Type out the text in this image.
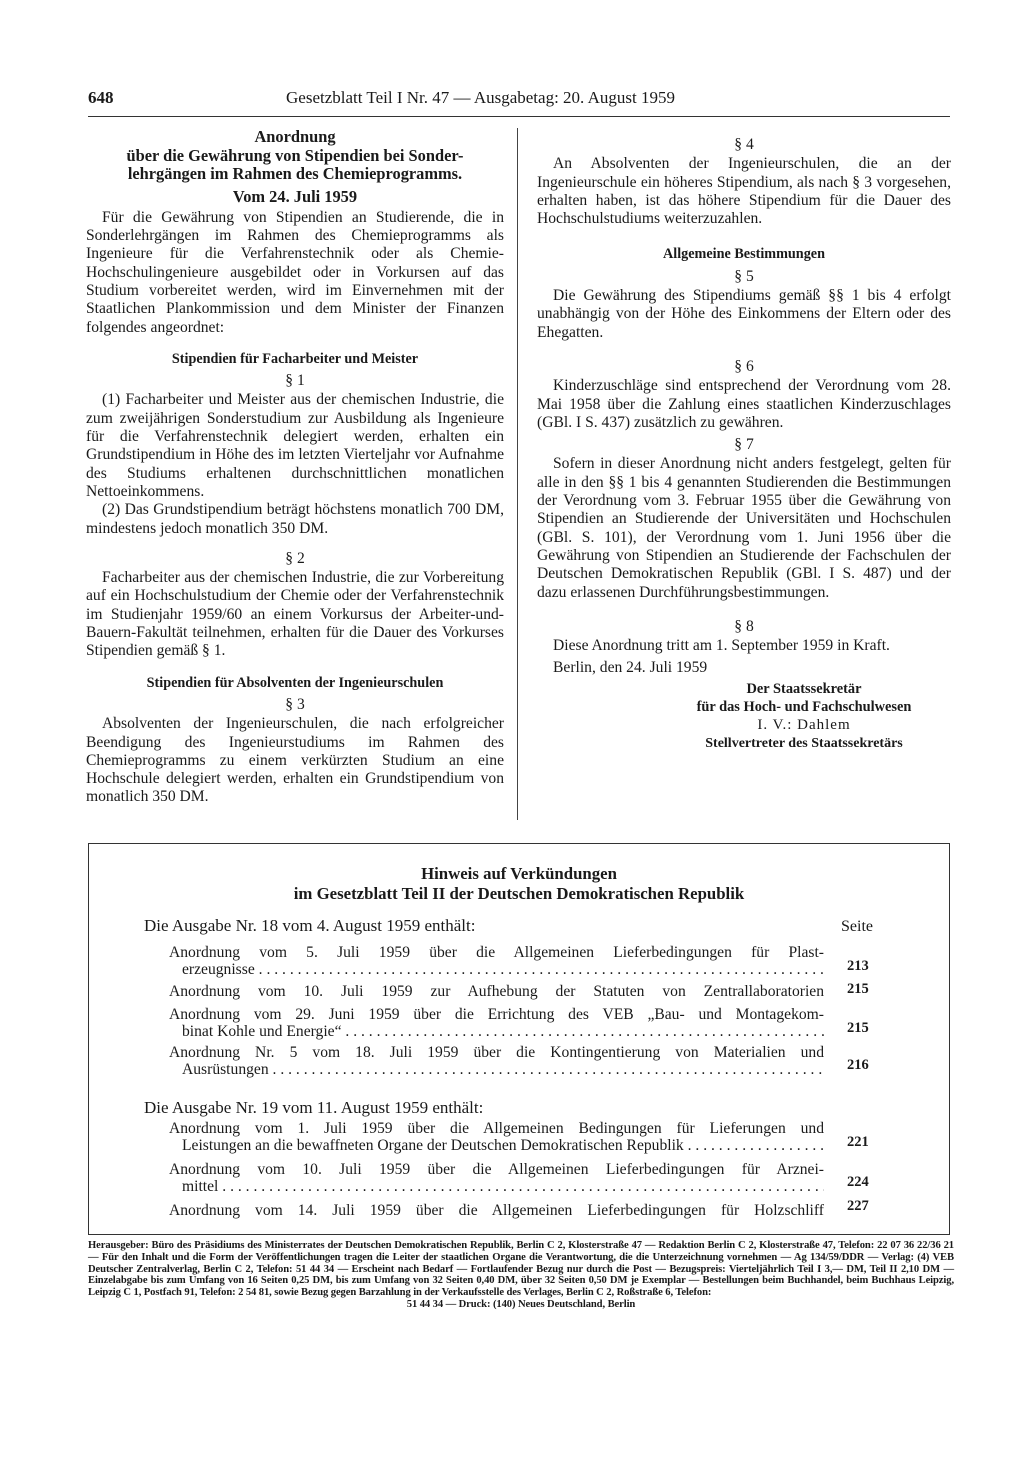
648	Gesetzblatt Teil I Nr. 47 — Ausgabetag: 20. August 1959
Anordnung
über die Gewährung von Stipendien bei Sonder-
lehrgängen im Rahmen des Chemieprogramms.
Vom 24. Juli 1959

Für die Gewährung von Stipendien an Studierende, die in Sonderlehrgängen im Rahmen des Chemieprogramms als Ingenieure für die Verfahrenstechnik oder als Chemie-Hochschulingenieure ausgebildet oder in Vorkursen auf das Studium vorbereitet werden, wird im Einvernehmen mit der Staatlichen Plankommission und dem Minister der Finanzen folgendes angeordnet:

Stipendien für Facharbeiter und Meister
§ 1

(1) Facharbeiter und Meister aus der chemischen Industrie, die zum zweijährigen Sonderstudium zur Ausbildung als Ingenieure für die Verfahrenstechnik delegiert werden, erhalten ein Grundstipendium in Höhe des im letzten Vierteljahr vor Aufnahme des Studiums erhaltenen durchschnittlichen monatlichen Nettoeinkommens.

(2) Das Grundstipendium beträgt höchstens monatlich 700 DM, mindestens jedoch monatlich 350 DM.

§ 2

Facharbeiter aus der chemischen Industrie, die zur Vorbereitung auf ein Hochschulstudium der Chemie oder der Verfahrenstechnik im Studienjahr 1959/60 an einem Vorkursus der Arbeiter-und-Bauern-Fakultät teilnehmen, erhalten für die Dauer des Vorkurses Stipendien gemäß § 1.

Stipendien für Absolventen der Ingenieurschulen
§ 3

Absolventen der Ingenieurschulen, die nach erfolgreicher Beendigung des Ingenieurstudiums im Rahmen des Chemieprogramms zu einem verkürzten Studium an eine Hochschule delegiert werden, erhalten ein Grundstipendium von monatlich 350 DM.

§ 4

An Absolventen der Ingenieurschulen, die an der Ingenieurschule ein höheres Stipendium, als nach § 3 vorgesehen, erhalten haben, ist das höhere Stipendium für die Dauer des Hochschulstudiums weiterzuzahlen.

Allgemeine Bestimmungen
§ 5

Die Gewährung des Stipendiums gemäß §§ 1 bis 4 erfolgt unabhängig von der Höhe des Einkommens der Eltern oder des Ehegatten.

§ 6

Kinderzuschläge sind entsprechend der Verordnung vom 28. Mai 1958 über die Zahlung eines staatlichen Kinderzuschlages (GBl. I S. 437) zusätzlich zu gewähren.

§ 7

Sofern in dieser Anordnung nicht anders festgelegt, gelten für alle in den §§ 1 bis 4 genannten Studierenden die Bestimmungen der Verordnung vom 3. Februar 1955 über die Gewährung von Stipendien an Studierende der Universitäten und Hochschulen (GBl. S. 101), der Verordnung vom 1. Juni 1956 über die Gewährung von Stipendien an Studierende der Fachschulen der Deutschen Demokratischen Republik (GBl. I S. 487) und der dazu erlassenen Durchführungsbestimmungen.

§ 8

Diese Anordnung tritt am 1. September 1959 in Kraft.

Berlin, den 24. Juli 1959

Der Staatssekretär
für das Hoch- und Fachschulwesen
I. V.: Dahlem
Stellvertreter des Staatssekretärs
Hinweis auf Verkündungen
im Gesetzblatt Teil II der Deutschen Demokratischen Republik
Die Ausgabe Nr. 18 vom 4. August 1959 enthält:	Seite
Anordnung vom 5. Juli 1959 über die Allgemeinen Lieferbedingungen für Plast-
erzeugnisse . . .	213
Anordnung vom 10. Juli 1959 zur Aufhebung der Statuten von Zentrallaboratorien 215
Anordnung vom 29. Juni 1959 über die Errichtung des VEB „Bau- und Montagekom-
binat Kohle und Energie“ . . .	215
Anordnung Nr. 5 vom 18. Juli 1959 über die Kontingentierung von Materialien und
Ausrüstungen . . .	216
Die Ausgabe Nr. 19 vom 11. August 1959 enthält:
Anordnung vom 1. Juli 1959 über die Allgemeinen Bedingungen für Lieferungen und
Leistungen an die bewaffneten Organe der Deutschen Demokratischen Republik . . .	221
Anordnung vom 10. Juli 1959 über die Allgemeinen Lieferbedingungen für Arznei-
mittel . . .	224
Anordnung vom 14. Juli 1959 über die Allgemeinen Lieferbedingungen für Holzschliff 227
Herausgeber: Büro des Präsidiums des Ministerrates der Deutschen Demokratischen Republik, Berlin C 2, Klosterstraße 47 — Redaktion Berlin C 2, Klosterstraße 47, Telefon: 22 07 36 22/36 21 — Für den Inhalt und die Form der Veröffentlichungen tragen die Leiter der staatlichen Organe die Verantwortung, die die Unterzeichnung vornehmen — Ag 134/59/DDR — Verlag: (4) VEB Deutscher Zentralverlag, Berlin C 2, Telefon: 51 44 34 — Erscheint nach Bedarf — Fortlaufender Bezug nur durch die Post — Bezugspreis: Vierteljährlich Teil I 3,— DM, Teil II 2,10 DM — Einzelabgabe bis zum Umfang von 16 Seiten 0,25 DM, bis zum Umfang von 32 Seiten 0,40 DM, über 32 Seiten 0,50 DM je Exemplar — Bestellungen beim Buchhandel, beim Buchhaus Leipzig, Leipzig C 1, Postfach 91, Telefon: 2 54 81, sowie Bezug gegen Barzahlung in der Verkaufsstelle des Verlages, Berlin C 2, Roßstraße 6, Telefon:
51 44 34 — Druck: (140) Neues Deutschland, Berlin
